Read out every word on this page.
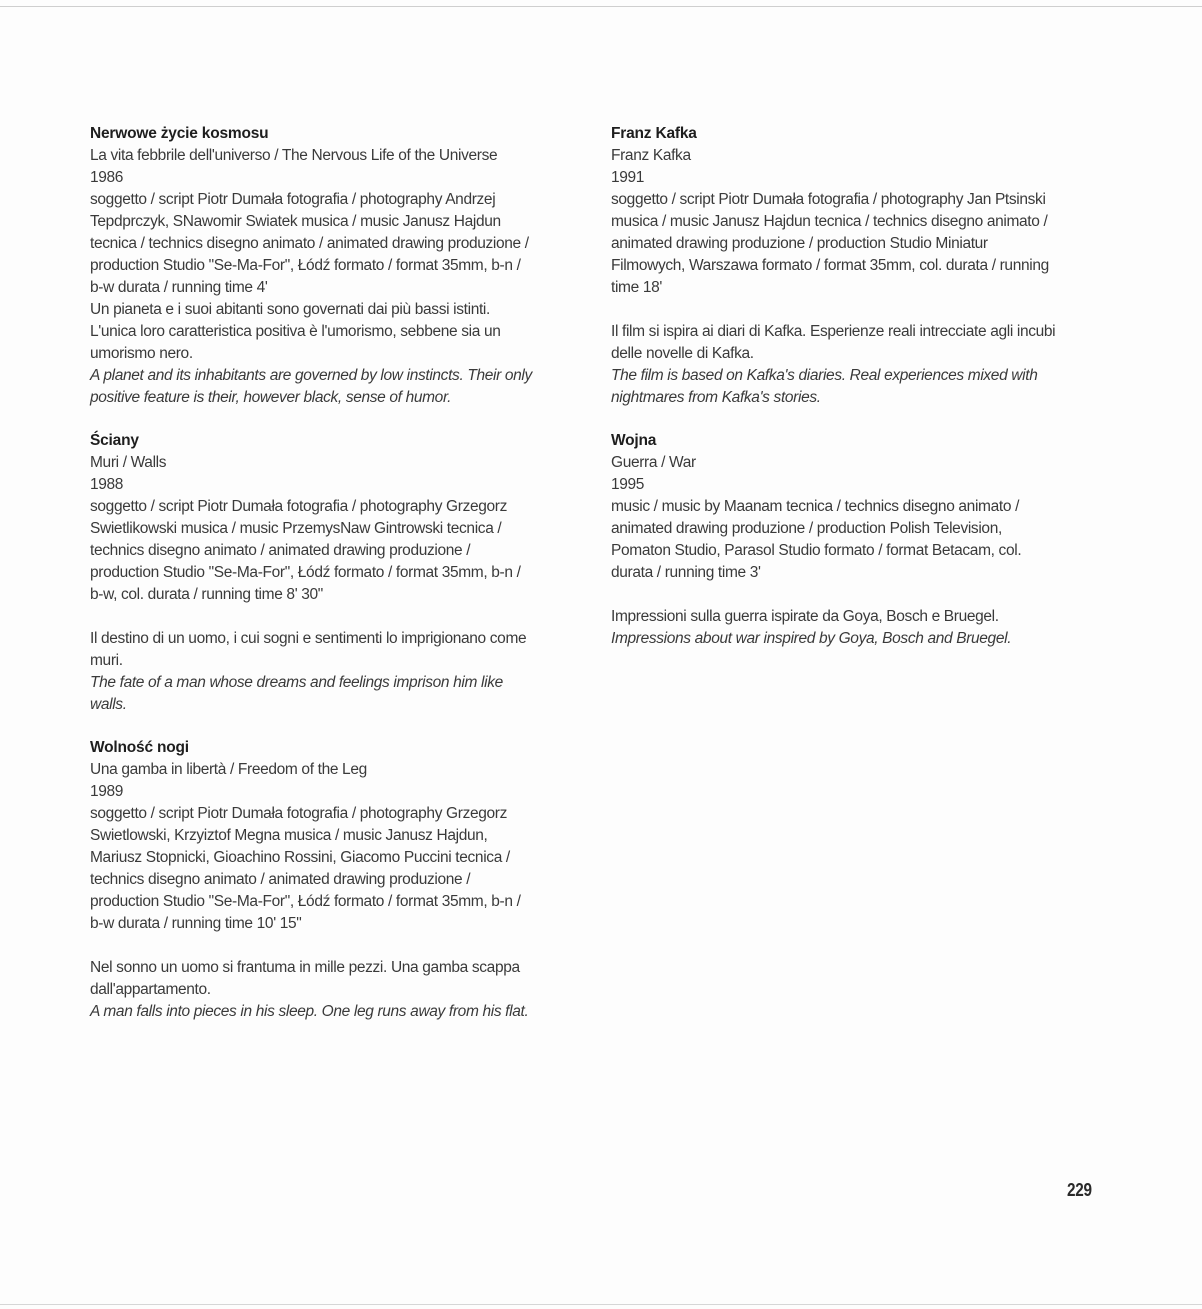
Nerwowe życie kosmosu
La vita febbrile dell'universo / The Nervous Life of the Universe
1986
soggetto / script Piotr Dumała fotografia / photography Andrzej
Tepdprczyk, SNawomir Swiatek musica / music Janusz Hajdun
tecnica / technics disegno animato / animated drawing produzione /
production Studio "Se-Ma-For", Łódź formato / format 35mm, b-n /
b-w durata / running time 4'
Un pianeta e i suoi abitanti sono governati dai più bassi istinti.
L'unica loro caratteristica positiva è l'umorismo, sebbene sia un
umorismo nero.
A planet and its inhabitants are governed by low instincts. Their only
positive feature is their, however black, sense of humor.
Ściany
Muri / Walls
1988
soggetto / script Piotr Dumała fotografia / photography Grzegorz
Swietlikowski musica / music PrzemysNaw Gintrowski tecnica /
technics disegno animato / animated drawing produzione /
production Studio "Se-Ma-For", Łódź formato / format 35mm, b-n /
b-w, col. durata / running time 8' 30"
Il destino di un uomo, i cui sogni e sentimenti lo imprigionano come
muri.
The fate of a man whose dreams and feelings imprison him like
walls.
Wolność nogi
Una gamba in libertà / Freedom of the Leg
1989
soggetto / script Piotr Dumała fotografia / photography Grzegorz
Swietlowski, Krzyiztof Megna musica / music Janusz Hajdun,
Mariusz Stopnicki, Gioachino Rossini, Giacomo Puccini tecnica /
technics disegno animato / animated drawing produzione /
production Studio "Se-Ma-For", Łódź formato / format 35mm, b-n /
b-w durata / running time 10' 15"
Nel sonno un uomo si frantuma in mille pezzi. Una gamba scappa
dall'appartamento.
A man falls into pieces in his sleep. One leg runs away from his flat.
Franz Kafka
Franz Kafka
1991
soggetto / script Piotr Dumała fotografia / photography Jan Ptsinski
musica / music Janusz Hajdun tecnica / technics disegno animato /
animated drawing produzione / production Studio Miniatur
Filmowych, Warszawa formato / format 35mm, col. durata / running
time 18'
Il film si ispira ai diari di Kafka. Esperienze reali intrecciate agli incubi
delle novelle di Kafka.
The film is based on Kafka's diaries. Real experiences mixed with
nightmares from Kafka's stories.
Wojna
Guerra / War
1995
music / music by Maanam tecnica / technics disegno animato /
animated drawing produzione / production Polish Television,
Pomaton Studio, Parasol Studio formato / format Betacam, col.
durata / running time 3'
Impressioni sulla guerra ispirate da Goya, Bosch e Bruegel.
Impressions about war inspired by Goya, Bosch and Bruegel.
229
